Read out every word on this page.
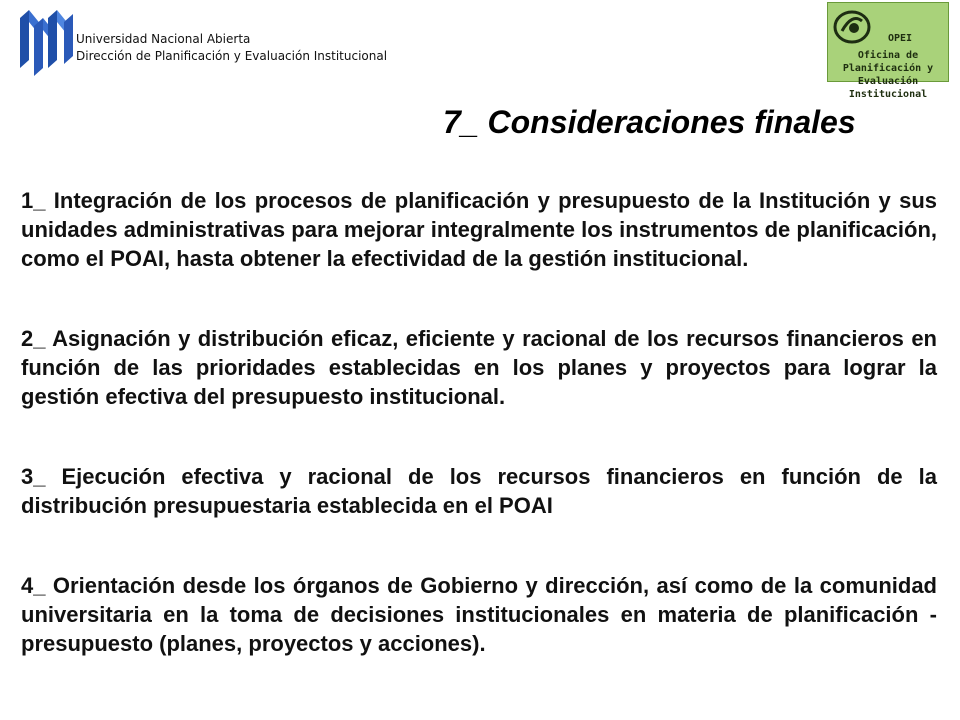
Universidad Nacional Abierta
Dirección de Planificación y Evaluación Institucional
OPEI
Oficina de Planificación y
Evaluación Institucional
7_ Consideraciones finales

1_ Integración de los procesos de planificación y presupuesto de la Institución y sus unidades administrativas para mejorar integralmente los instrumentos de planificación, como el POAI, hasta obtener la efectividad de la gestión institucional.

2_ Asignación y distribución eficaz, eficiente y racional de los recursos financieros en función de las prioridades establecidas en los planes y proyectos para lograr la gestión efectiva del presupuesto institucional.

3_ Ejecución efectiva y racional de los recursos financieros en función de la distribución presupuestaria establecida en el POAI

4_ Orientación desde los órganos de Gobierno y dirección, así como de la comunidad universitaria en la toma de decisiones institucionales en materia de planificación - presupuesto (planes, proyectos y acciones).
